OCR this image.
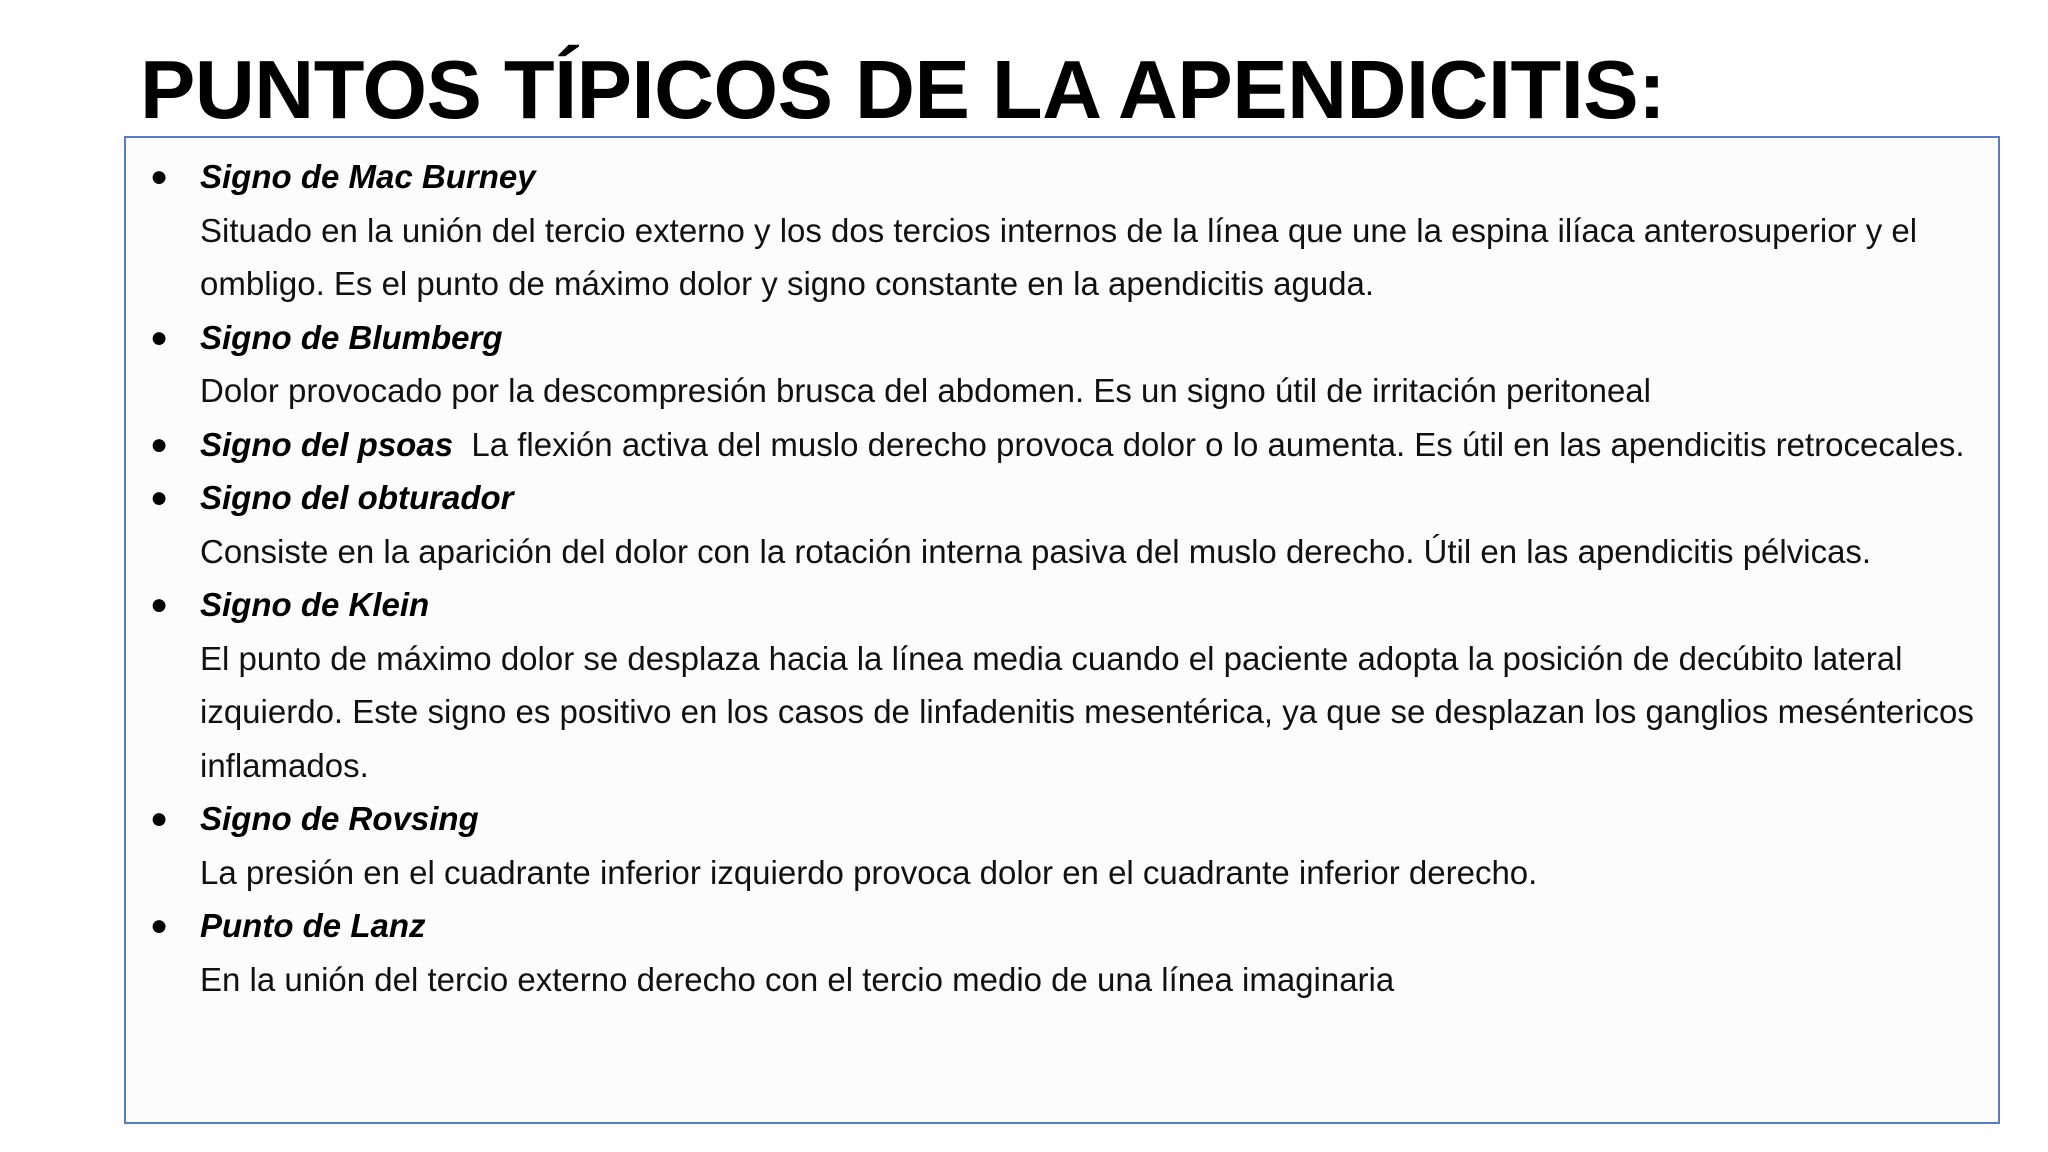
PUNTOS TÍPICOS DE LA APENDICITIS:
● Signo de Mac Burney
Situado en la unión del tercio externo y los dos tercios internos de la línea que une la espina ilíaca anterosuperior y el ombligo. Es el punto de máximo dolor y signo constante en la apendicitis aguda.
● Signo de Blumberg
Dolor provocado por la descompresión brusca del abdomen. Es un signo útil de irritación peritoneal
● Signo del psoas La flexión activa del muslo derecho provoca dolor o lo aumenta. Es útil en las apendicitis retrocecales.
● Signo del obturador
Consiste en la aparición del dolor con la rotación interna pasiva del muslo derecho. Útil en las apendicitis pélvicas.
● Signo de Klein
El punto de máximo dolor se desplaza hacia la línea media cuando el paciente adopta la posición de decúbito lateral izquierdo. Este signo es positivo en los casos de linfadenitis mesentérica, ya que se desplazan los ganglios meséntericos inflamados.
● Signo de Rovsing
La presión en el cuadrante inferior izquierdo provoca dolor en el cuadrante inferior derecho.
● Punto de Lanz
En la unión del tercio externo derecho con el tercio medio de una línea imaginaria
